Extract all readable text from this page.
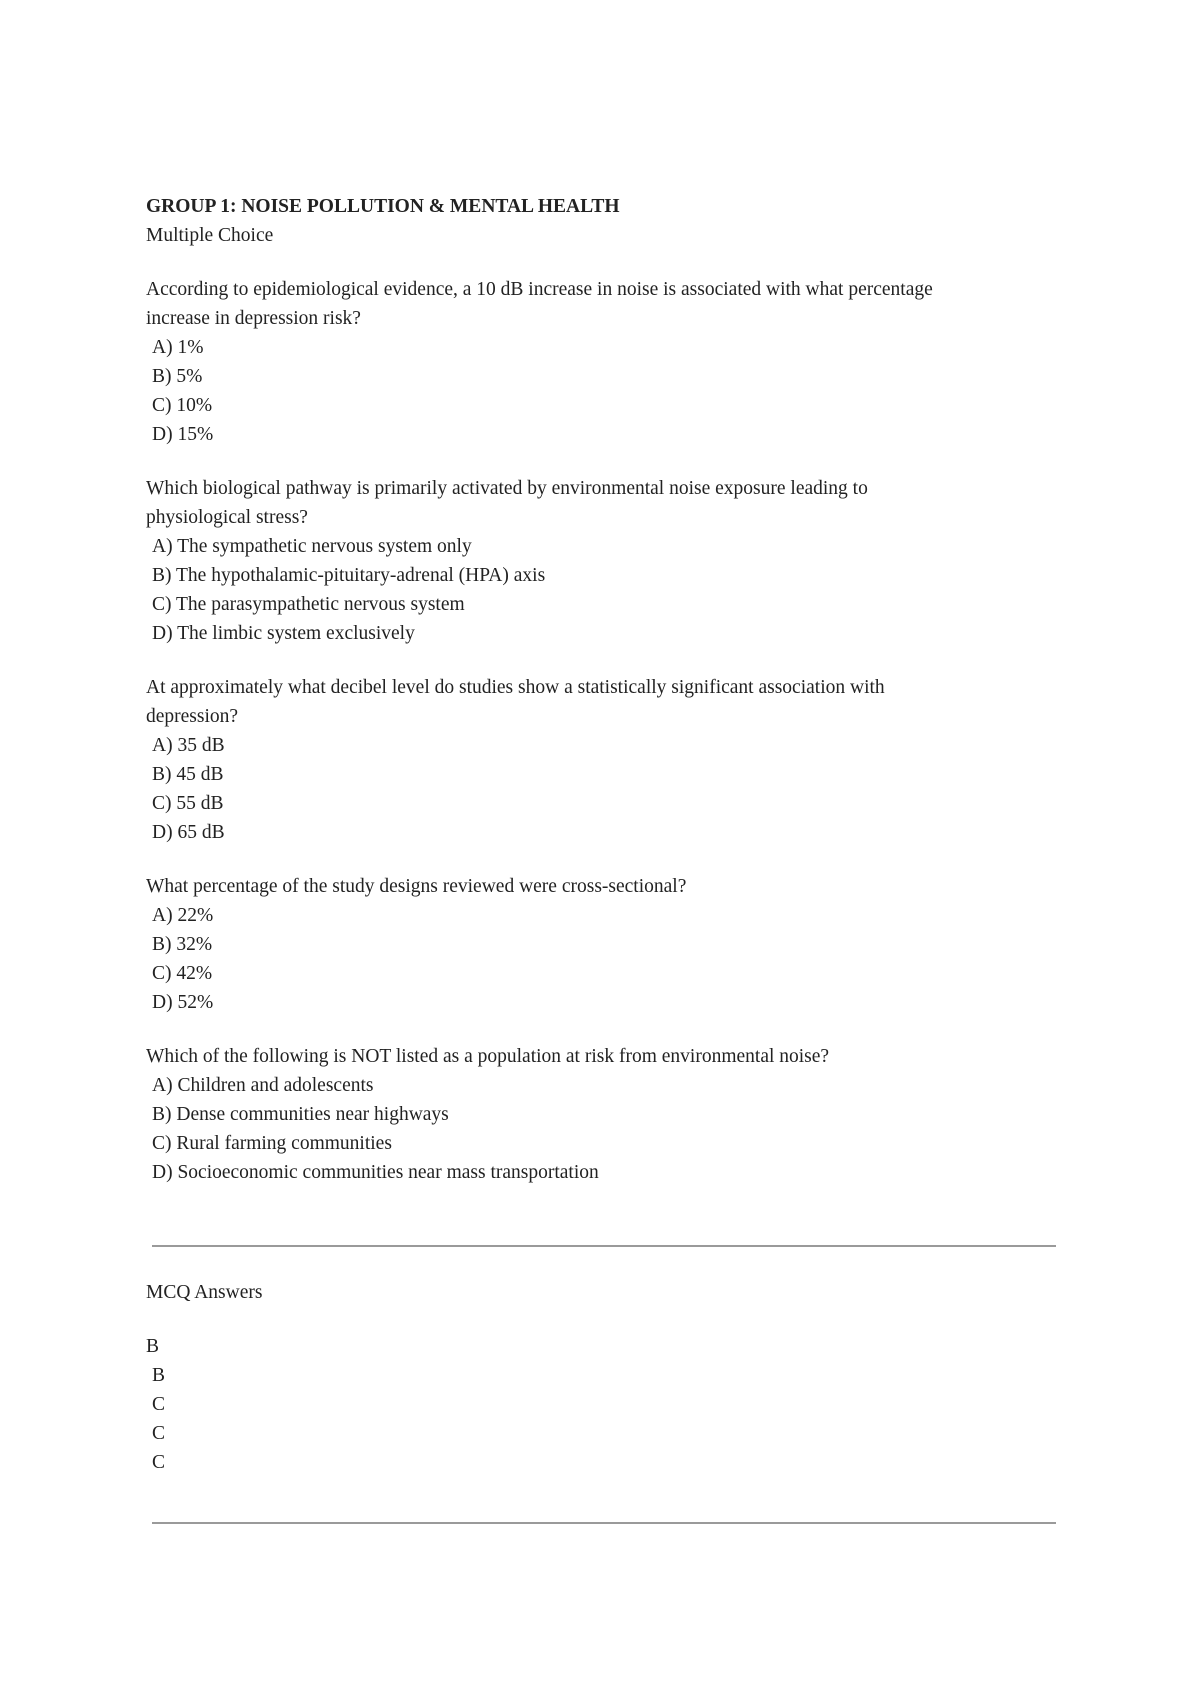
GROUP 1: NOISE POLLUTION & MENTAL HEALTH

Multiple Choice

According to epidemiological evidence, a 10 dB increase in noise is associated with what percentage

increase in depression risk?

A) 1%

B) 5%

C) 10%

D) 15%

Which biological pathway is primarily activated by environmental noise exposure leading to

physiological stress?

A) The sympathetic nervous system only

B) The hypothalamic-pituitary-adrenal (HPA) axis

C) The parasympathetic nervous system

D) The limbic system exclusively

At approximately what decibel level do studies show a statistically significant association with

depression?

A) 35 dB

B) 45 dB

C) 55 dB

D) 65 dB

What percentage of the study designs reviewed were cross-sectional?

A) 22%

B) 32%

C) 42%

D) 52%

Which of the following is NOT listed as a population at risk from environmental noise?

A) Children and adolescents

B) Dense communities near highways

C) Rural farming communities

D) Socioeconomic communities near mass transportation

MCQ Answers

B

B

C

C

C
